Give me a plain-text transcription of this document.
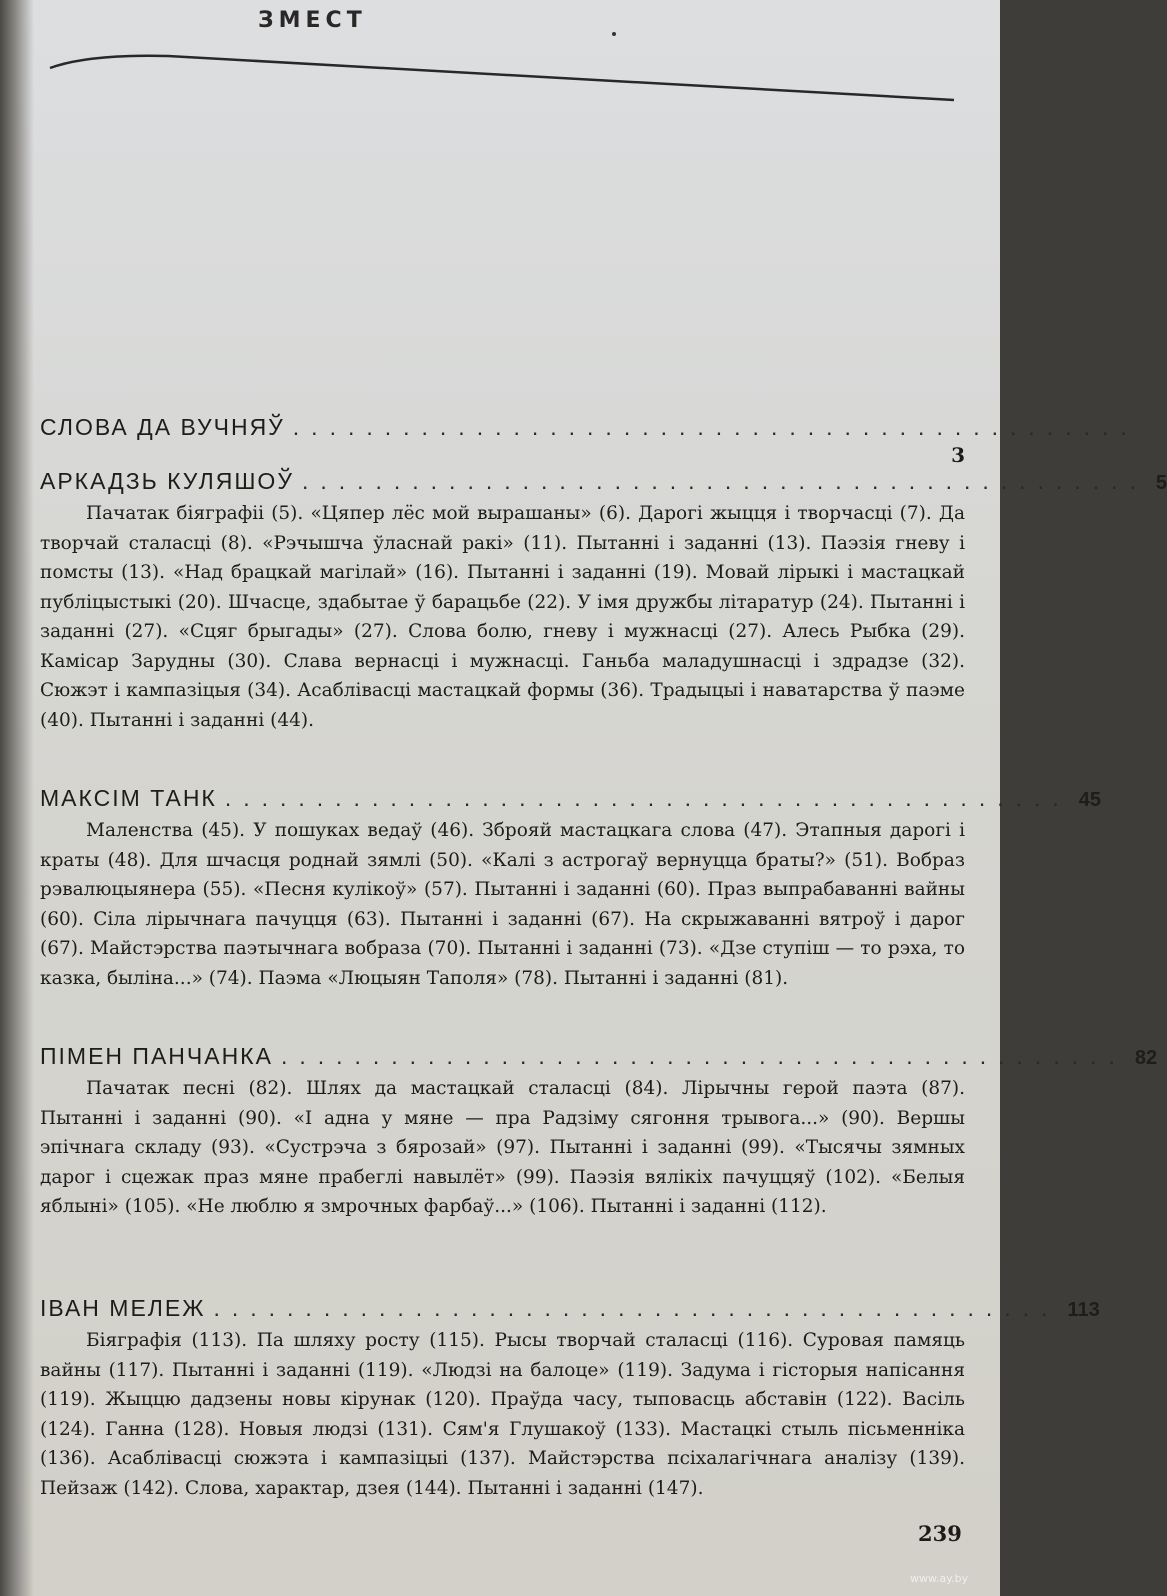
ЗМЕСТ
СЛОВА ДА ВУЧНЯЎ ..............................................
3
АРКАДЗЬ КУЛЯШОЎ .............................................. 5
Пачатак біяграфіі (5). «Цяпер лёс мой вырашаны» (6). Дарогі жыцця і творчасці (7). Да творчай сталасці (8). «Рэчышча ўласнай ракі» (11). Пытанні і заданні (13). Паэзія гневу і помсты (13). «Над брацкай магілай» (16). Пытанні і заданні (19). Мовай лірыкі і мастацкай публіцыстыкі (20). Шчасце, здабытае ў барацьбе (22). У імя дружбы літаратур (24). Пытанні і заданні (27). «Сцяг брыгады» (27). Слова болю, гневу і мужнасці (27). Алесь Рыбка (29). Камісар Зарудны (30). Слава вернасці і мужнасці. Ганьба маладушнасці і здрадзе (32). Сюжэт і кампазіцыя (34). Асаблівасці мастацкай формы (36). Традыцыі і наватарства ў паэме (40). Пытанні і заданні (44).
МАКСІМ ТАНК .............................................. 45
Маленства (45). У пошуках ведаў (46). Зброяй мастацкага слова (47). Этапныя дарогі і краты (48). Для шчасця роднай зямлі (50). «Калі з астрогаў вернуцца браты?» (51). Вобраз рэвалюцыянера (55). «Песня кулікоў» (57). Пытанні і заданні (60). Праз выпрабаванні вайны (60). Сіла лірычнага пачуцця (63). Пытанні і заданні (67). На скрыжаванні вятроў і дарог (67). Майстэрства паэтычнага вобраза (70). Пытанні і заданні (73). «Дзе ступіш — то рэха, то казка, быліна...» (74). Паэма «Люцыян Таполя» (78). Пытанні і заданні (81).
ПІМЕН ПАНЧАНКА .............................................. 82
Пачатак песні (82). Шлях да мастацкай сталасці (84). Лірычны герой паэта (87). Пытанні і заданні (90). «І адна у мяне — пра Радзіму сягоння трывога...» (90). Вершы эпічнага складу (93). «Сустрэча з бярозай» (97). Пытанні і заданні (99). «Тысячы зямных дарог і сцежак праз мяне прабеглі навылёт» (99). Паэзія вялікіх пачуццяў (102). «Белыя яблыні» (105). «Не люблю я змрочных фарбаў...» (106). Пытанні і заданні (112).
ІВАН МЕЛЕЖ .............................................. 113
Біяграфія (113). Па шляху росту (115). Рысы творчай сталасці (116). Суровая памяць вайны (117). Пытанні і заданні (119). «Людзі на балоце» (119). Задума і гісторыя напісання (119). Жыццю дадзены новы кірунак (120). Праўда часу, тыповасць абставін (122). Васіль (124). Ганна (128). Новыя людзі (131). Сям'я Глушакоў (133). Мастацкі стыль пісьменніка (136). Асаблівасці сюжэта і кампазіцыі (137). Майстэрства псіхалагічнага аналізу (139). Пейзаж (142). Слова, характар, дзея (144). Пытанні і заданні (147).
239
www.ay.by
